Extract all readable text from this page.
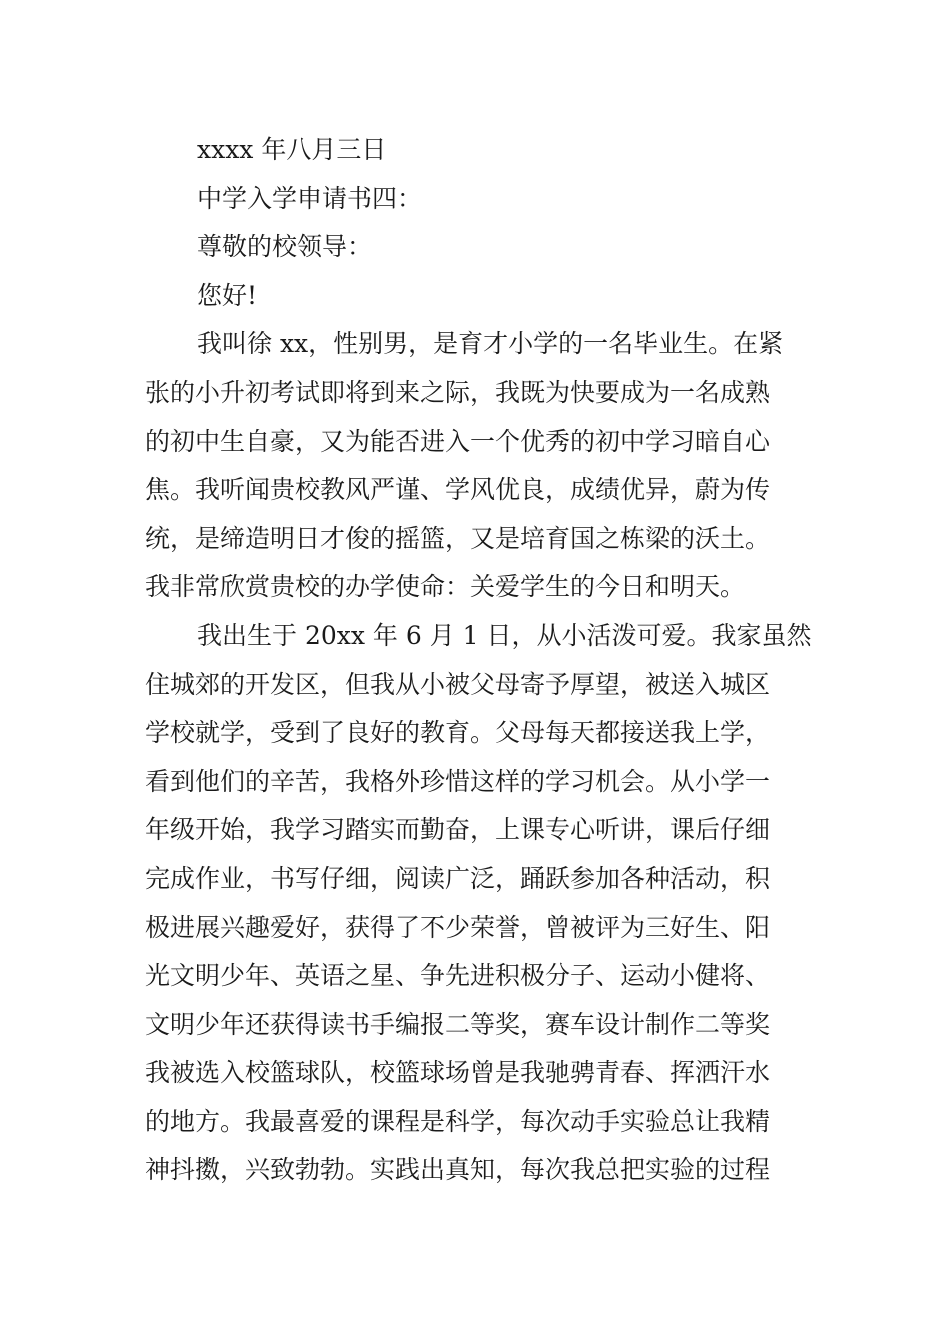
xxxx 年八月三日
中学入学申请书四：
尊敬的校领导：
您好!
我叫徐 xx，性别男，是育才小学的一名毕业生。在紧
张的小升初考试即将到来之际，我既为快要成为一名成熟
的初中生自豪，又为能否进入一个优秀的初中学习暗自心
焦。我听闻贵校教风严谨、学风优良，成绩优异，蔚为传
统，是缔造明日才俊的摇篮，又是培育国之栋梁的沃土。
我非常欣赏贵校的办学使命：关爱学生的今日和明天。
我出生于 20xx 年 6 月 1 日，从小活泼可爱。我家虽然
住城郊的开发区，但我从小被父母寄予厚望，被送入城区
学校就学，受到了良好的教育。父母每天都接送我上学，
看到他们的辛苦，我格外珍惜这样的学习机会。从小学一
年级开始，我学习踏实而勤奋，上课专心听讲，课后仔细
完成作业，书写仔细，阅读广泛，踊跃参加各种活动，积
极进展兴趣爱好，获得了不少荣誉，曾被评为三好生、阳
光文明少年、英语之星、争先进积极分子、运动小健将、
文明少年还获得读书手编报二等奖，赛车设计制作二等奖
我被选入校篮球队，校篮球场曾是我驰骋青春、挥洒汗水
的地方。我最喜爱的课程是科学，每次动手实验总让我精
神抖擞，兴致勃勃。实践出真知，每次我总把实验的过程
